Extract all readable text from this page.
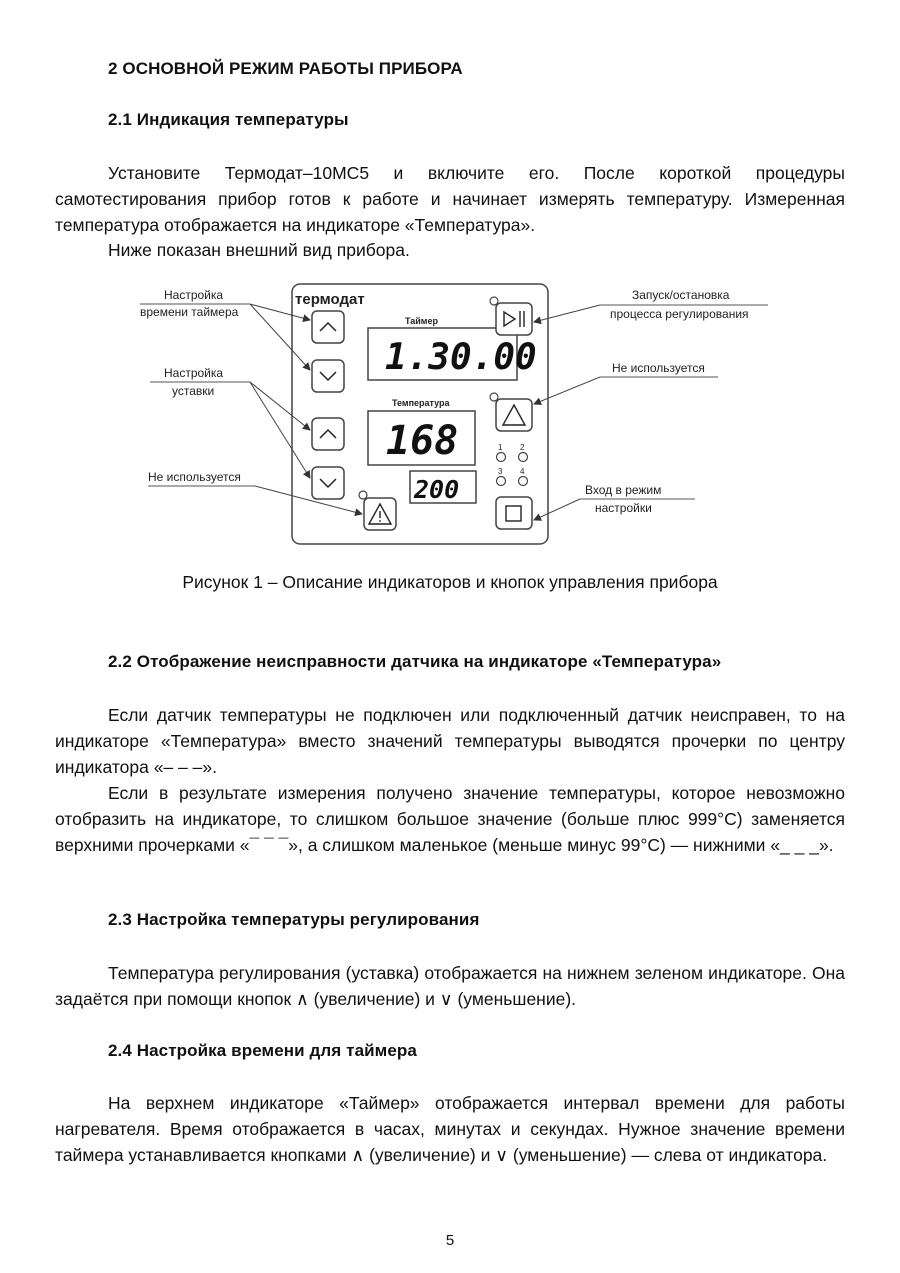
2 ОСНОВНОЙ РЕЖИМ РАБОТЫ ПРИБОРА
2.1 Индикация температуры
Установите Термодат–10МС5 и включите его. После короткой процедуры самотестирования прибор готов к работе и начинает измерять температуру. Измеренная температура отображается на индикаторе «Температура».
Ниже показан внешний вид прибора.
термодат
Таймер
1.30.00
Температура
168
200
1 2
3 4
Настройка
времени таймера
Настройка
уставки
Не используется
Запуск/остановка
процесса регулирования
Не используется
Вход в режим
настройки
Рисунок 1 – Описание индикаторов и кнопок управления прибора
2.2 Отображение неисправности датчика на индикаторе «Температура»
Если датчик температуры не подключен или подключенный датчик неисправен, то на индикаторе «Температура» вместо значений температуры выводятся прочерки по центру индикатора «– – –».
Если в результате измерения получено значение температуры, которое невозможно отобразить на индикаторе, то слишком большое значение (больше плюс 999°С) заменяется верхними прочерками «¯ ¯ ¯», а слишком маленькое (меньше минус 99°С) — нижними «_ _ _».
2.3 Настройка температуры регулирования
Температура регулирования (уставка) отображается на нижнем зеленом индикаторе. Она задаётся при помощи кнопок ∧ (увеличение) и ∨ (уменьшение).
2.4 Настройка времени для таймера
На верхнем индикаторе «Таймер» отображается интервал времени для работы нагревателя. Время отображается в часах, минутах и секундах. Нужное значение времени таймера устанавливается кнопками ∧ (увеличение) и ∨ (уменьшение) — слева от индикатора.
5
